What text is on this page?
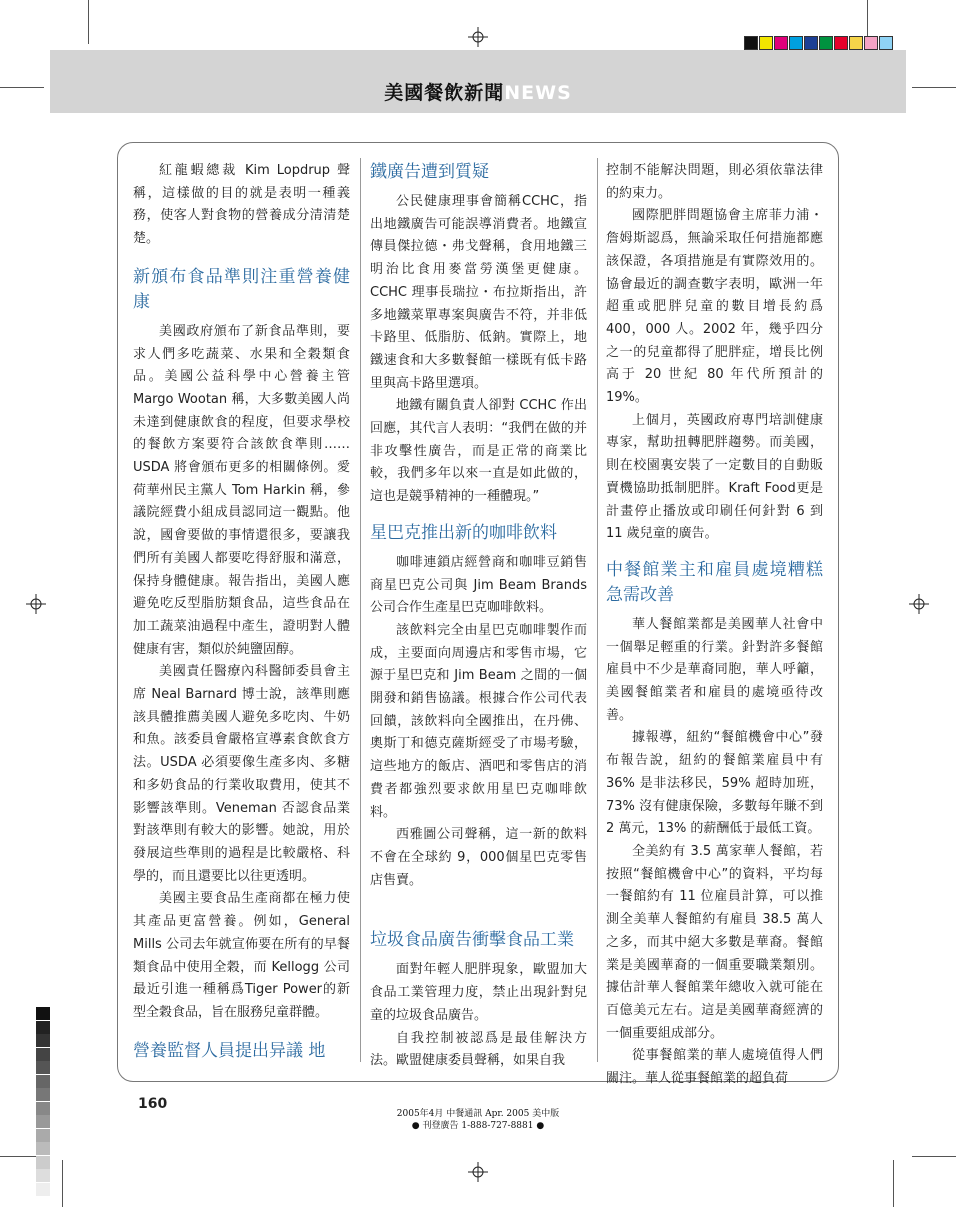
美國餐飲新聞NEWS

紅龍蝦總裁 Kim Lopdrup 聲稱，這樣做的目的就是表明一種義務，使客人對食物的營養成分清清楚楚。

新頒布食品準則注重營養健康

美國政府頒布了新食品準則，要求人們多吃蔬菜、水果和全穀類食品。美國公益科學中心營養主管 Margo Wootan 稱，大多數美國人尚未達到健康飲食的程度，但要求學校的餐飲方案要符合該飲食準則…… USDA 將會頒布更多的相關條例。愛荷華州民主黨人 Tom Harkin 稱，參議院經費小組成員認同這一觀點。他說，國會要做的事情還很多，要讓我們所有美國人都要吃得舒服和滿意，保持身體健康。報告指出，美國人應避免吃反型脂肪類食品，這些食品在加工蔬菜油過程中產生，證明對人體健康有害，類似於純鹽固醇。

美國責任醫療內科醫師委員會主席 Neal Barnard 博士說，該準則應該具體推薦美國人避免多吃肉、牛奶和魚。該委員會嚴格宣導素食飲食方法。USDA 必須要像生產多肉、多糖和多奶食品的行業收取費用，使其不影響該準則。Veneman 否認食品業對該準則有較大的影響。她說，用於發展這些準則的過程是比較嚴格、科學的，而且還要比以往更透明。

美國主要食品生產商都在極力使其產品更富營養。例如，General Mills 公司去年就宣佈要在所有的早餐類食品中使用全穀，而 Kellogg 公司最近引進一種稱爲Tiger Power的新型全穀食品，旨在服務兒童群體。

營養監督人員提出异議 地
鐵廣告遭到質疑

公民健康理事會簡稱CCHC，指出地鐵廣告可能誤導消費者。地鐵宣傳員傑拉德・弗戈聲稱，食用地鐵三明治比食用麥當勞漢堡更健康。CCHC 理事長瑞拉・布拉斯指出，許多地鐵菜單專案與廣告不符，并非低卡路里、低脂肪、低鈉。實際上，地鐵速食和大多數餐館一樣既有低卡路里與高卡路里選項。

地鐵有關負責人卻對 CCHC 作出回應，其代言人表明：“我們在做的并非攻擊性廣告，而是正常的商業比較，我們多年以來一直是如此做的，這也是競爭精神的一種體現。”

星巴克推出新的咖啡飲料

咖啡連鎖店經營商和咖啡豆銷售商星巴克公司與 Jim Beam Brands 公司合作生產星巴克咖啡飲料。

該飲料完全由星巴克咖啡製作而成，主要面向周邊店和零售市場，它源于星巴克和 Jim Beam 之間的一個開發和銷售協議。根據合作公司代表回饋，該飲料向全國推出，在丹佛、奧斯丁和德克薩斯經受了市場考驗，這些地方的飯店、酒吧和零售店的消費者都強烈要求飲用星巴克咖啡飲料。

西雅圖公司聲稱，這一新的飲料不會在全球約 9，000個星巴克零售店售賣。

垃圾食品廣告衝擊食品工業

面對年輕人肥胖現象，歐盟加大食品工業管理力度，禁止出現針對兒童的垃圾食品廣告。

自我控制被認爲是最佳解決方法。歐盟健康委員聲稱，如果自我

控制不能解決問題，則必須依靠法律的約束力。

國際肥胖問題協會主席菲力浦・詹姆斯認爲，無論采取任何措施都應該保證，各項措施是有實際效用的。協會最近的調查數字表明，歐洲一年超重或肥胖兒童的數目增長約爲 400，000 人。2002 年，幾乎四分之一的兒童都得了肥胖症，增長比例高于 20 世紀 80 年代所預計的 19%。

上個月，英國政府專門培訓健康專家，幫助扭轉肥胖趨勢。而美國，則在校園裏安裝了一定數目的自動販賣機協助抵制肥胖。Kraft Food更是計畫停止播放或印刷任何針對 6 到 11 歲兒童的廣告。

中餐館業主和雇員處境糟糕急需改善

華人餐館業都是美國華人社會中一個舉足輕重的行業。針對許多餐館雇員中不少是華裔同胞，華人呼籲，美國餐館業者和雇員的處境亟待改善。

據報導，紐約“餐館機會中心”發布報告說，紐約的餐館業雇員中有 36% 是非法移民，59% 超時加班，73% 沒有健康保險，多數每年賺不到 2 萬元，13% 的薪酬低于最低工資。

全美約有 3.5 萬家華人餐館，若按照“餐館機會中心”的資料，平均每一餐館約有 11 位雇員計算，可以推測全美華人餐館約有雇員 38.5 萬人之多，而其中絕大多數是華裔。餐館業是美國華裔的一個重要職業類別。據估計華人餐館業年總收入就可能在百億美元左右。這是美國華裔經濟的一個重要組成部分。

從事餐館業的華人處境值得人們關注。華人從事餐館業的超負荷

160
2005年4月 中餐通訊 Apr. 2005 美中版
● 刊登廣告 1-888-727-8881 ●
